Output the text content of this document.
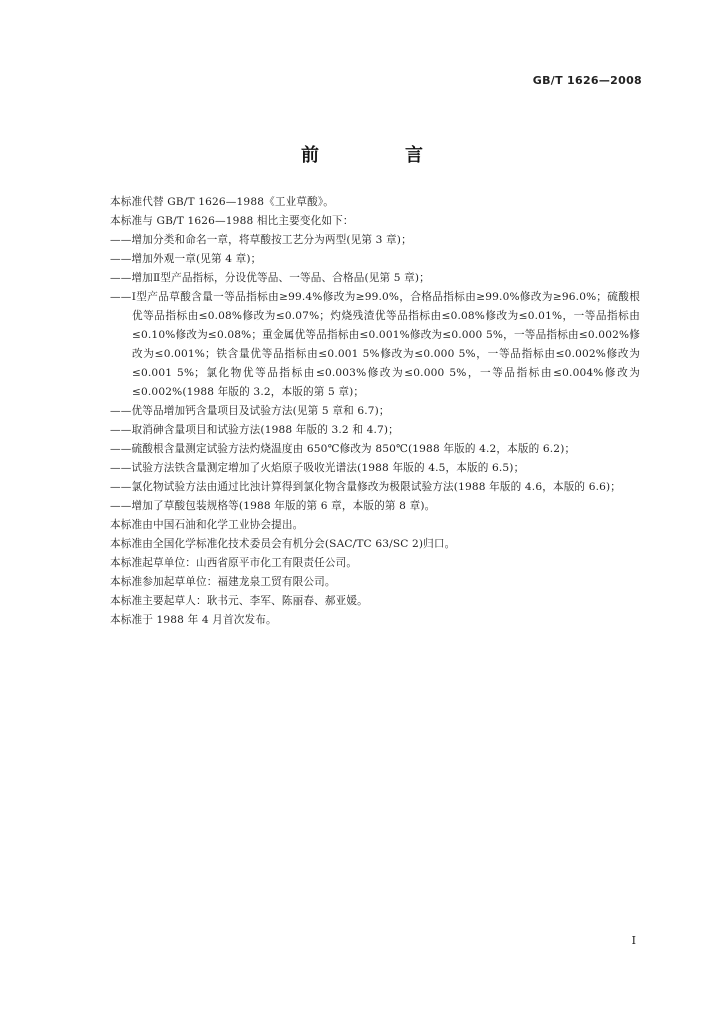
GB/T 1626—2008
前　言

本标准代替 GB/T 1626—1988《工业草酸》。

本标准与 GB/T 1626—1988 相比主要变化如下：

——增加分类和命名一章，将草酸按工艺分为两型(见第 3 章)；

——增加外观一章(见第 4 章)；

——增加Ⅱ型产品指标，分设优等品、一等品、合格品(见第 5 章)；

——Ⅰ型产品草酸含量一等品指标由≥99.4%修改为≥99.0%，合格品指标由≥99.0%修改为≥96.0%；硫酸根优等品指标由≤0.08%修改为≤0.07%；灼烧残渣优等品指标由≤0.08%修改为≤0.01%，一等品指标由≤0.10%修改为≤0.08%；重金属优等品指标由≤0.001%修改为≤0.000 5%，一等品指标由≤0.002%修改为≤0.001%；铁含量优等品指标由≤0.001 5%修改为≤0.000 5%，一等品指标由≤0.002%修改为≤0.001 5%；氯化物优等品指标由≤0.003%修改为≤0.000 5%，一等品指标由≤0.004%修改为≤0.002%(1988 年版的 3.2，本版的第 5 章)；

——优等品增加钙含量项目及试验方法(见第 5 章和 6.7)；

——取消砷含量项目和试验方法(1988 年版的 3.2 和 4.7)；

——硫酸根含量测定试验方法灼烧温度由 650℃修改为 850℃(1988 年版的 4.2，本版的 6.2)；

——试验方法铁含量测定增加了火焰原子吸收光谱法(1988 年版的 4.5，本版的 6.5)；

——氯化物试验方法由通过比浊计算得到氯化物含量修改为极限试验方法(1988 年版的 4.6，本版的 6.6)；

——增加了草酸包装规格等(1988 年版的第 6 章，本版的第 8 章)。

本标准由中国石油和化学工业协会提出。

本标准由全国化学标准化技术委员会有机分会(SAC/TC 63/SC 2)归口。

本标准起草单位：山西省原平市化工有限责任公司。

本标准参加起草单位：福建龙泉工贸有限公司。

本标准主要起草人：耿书元、李军、陈丽春、郝亚媛。

本标准于 1988 年 4 月首次发布。

Ⅰ
